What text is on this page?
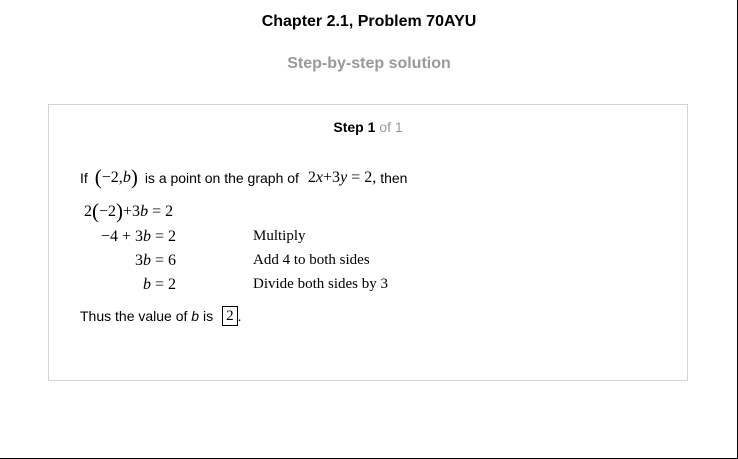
Chapter 2.1, Problem 70AYU
Step-by-step solution
Step 1 of 1
If (−2,b) is a point on the graph of 2x+3y = 2, then
2(−2)+3b = 2
−4 + 3b = 2	Multiply
3b = 6	Add 4 to both sides
b = 2	Divide both sides by 3
Thus the value of
b
is 2 .
